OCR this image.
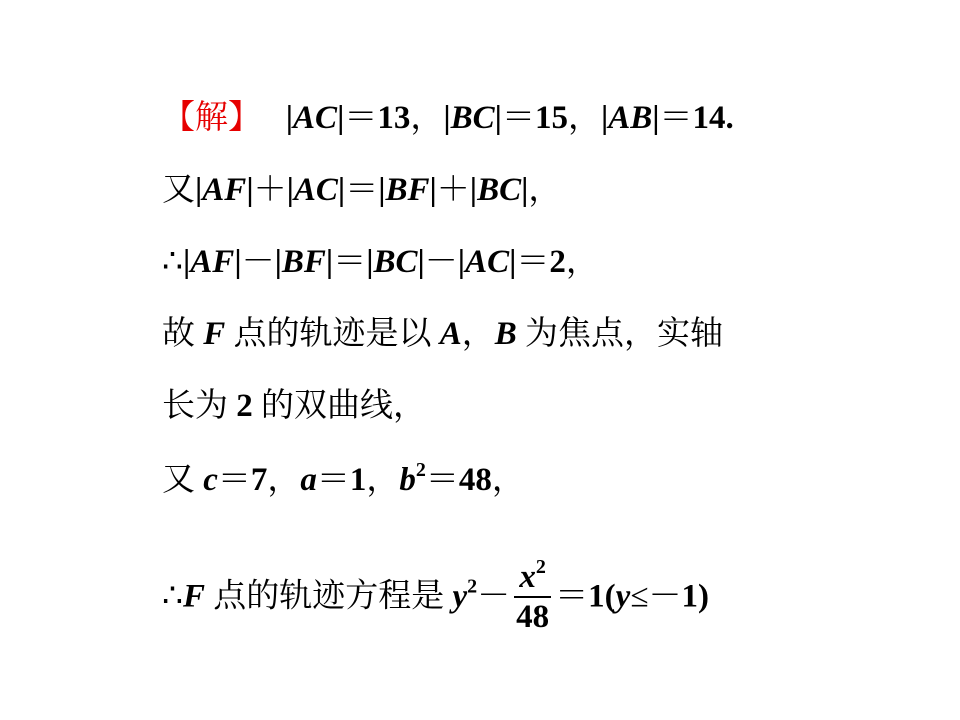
【解】 |AC|＝13，|BC|＝15，|AB|＝14.
又|AF|＋|AC|＝|BF|＋|BC|，
∴|AF|－|BF|＝|BC|－|AC|＝2，
故 F 点的轨迹是以 A，B 为焦点，实轴
长为 2 的双曲线，
又 c＝7，a＝1，$b^2=48$，
∴F 点的轨迹方程是 $y^2- \frac{x^2}{48} =1(y\le-1)$
